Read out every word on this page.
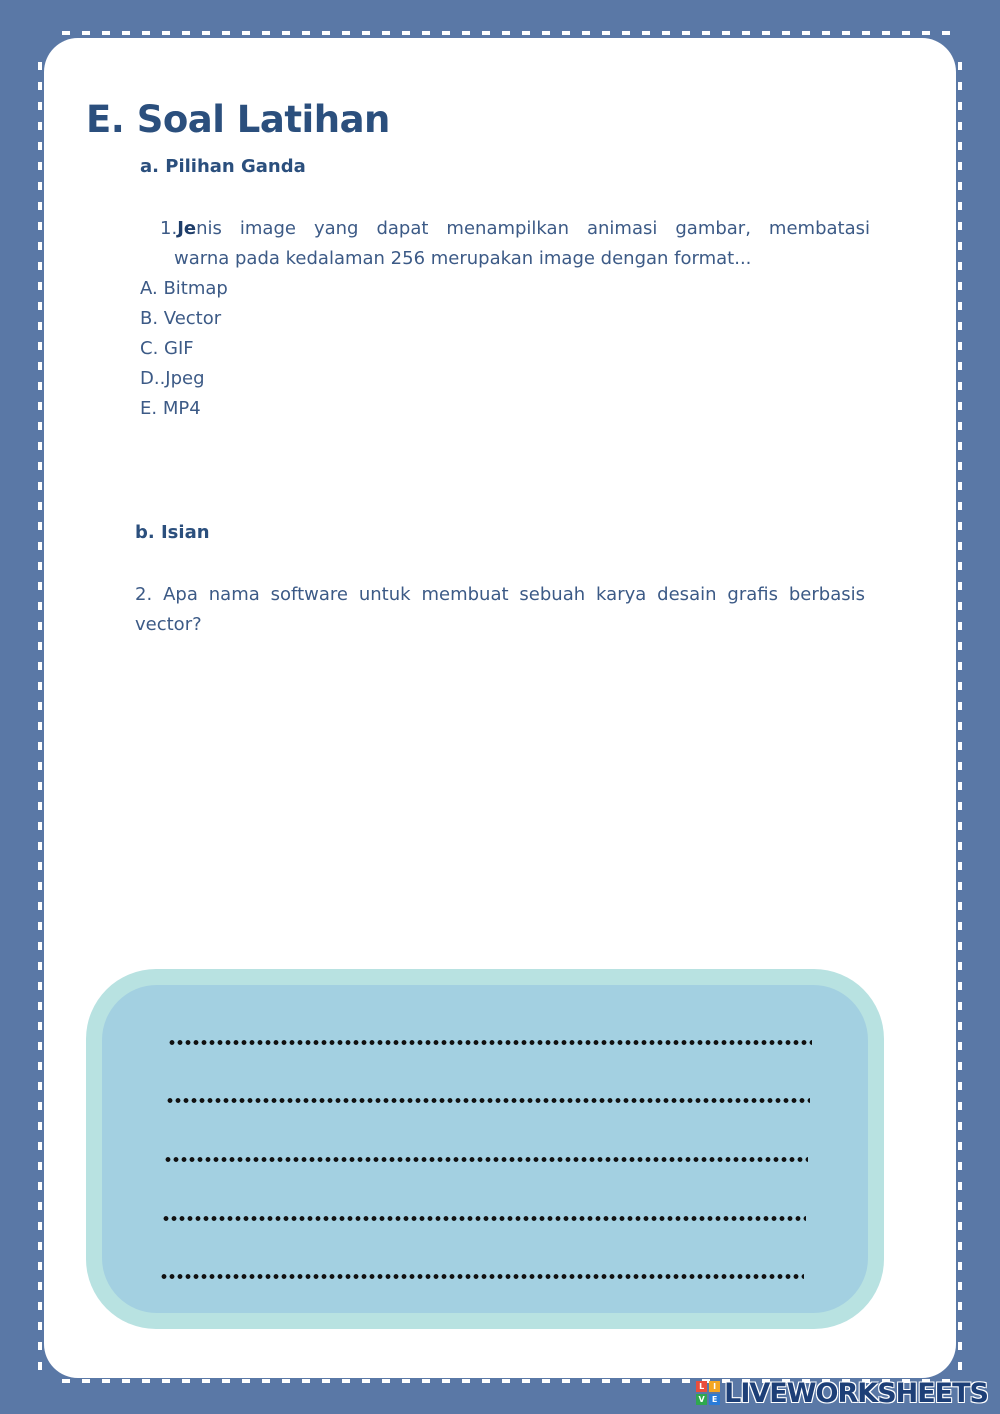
E. Soal Latihan
a. Pilihan Ganda
1. Je nis image yang dapat menampilkan animasi gambar, membatasi
warna pada kedalaman 256 merupakan image dengan format...
A. Bitmap
B. Vector
C. GIF
D..Jpeg
E. MP4
b. Isian
2. Apa nama software untuk membuat sebuah karya desain grafis berbasis vector?
L	I
V E LIVEWORKSHEETS
